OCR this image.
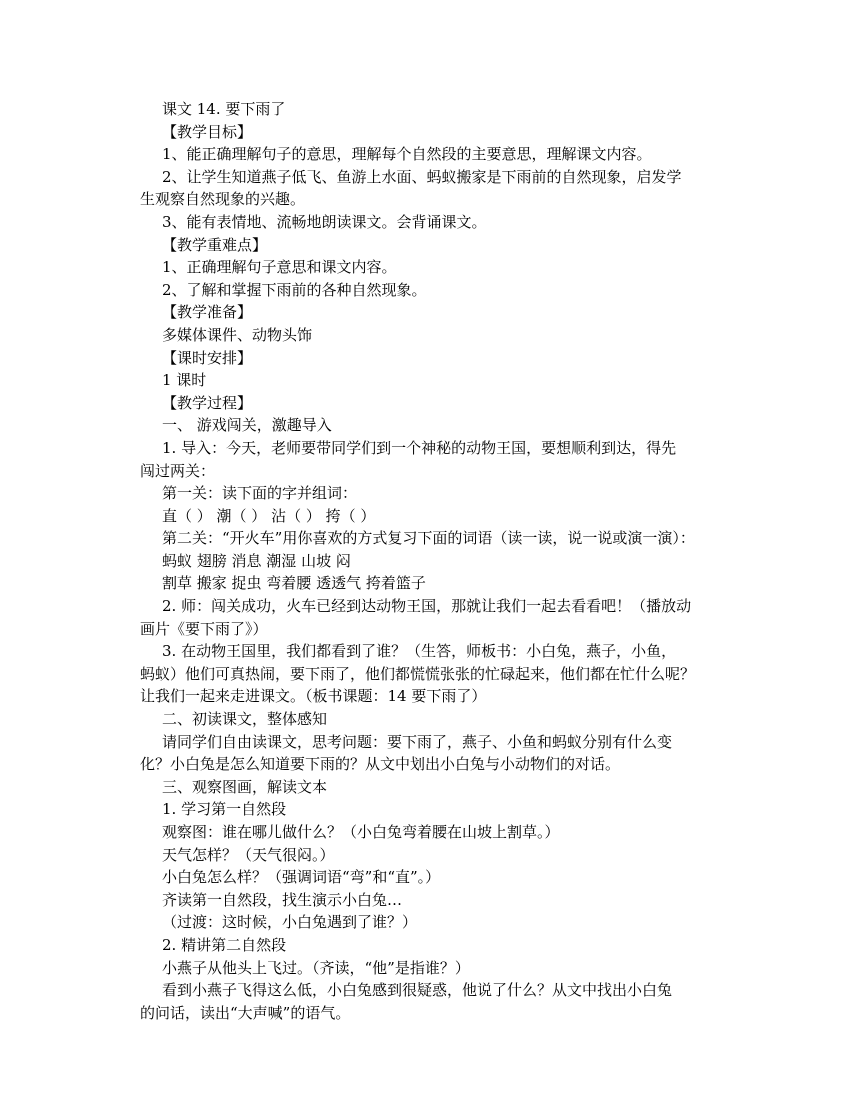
课文 14. 要下雨了
【教学目标】
1、能正确理解句子的意思，理解每个自然段的主要意思，理解课文内容。
2、让学生知道燕子低飞、鱼游上水面、蚂蚁搬家是下雨前的自然现象，启发学
生观察自然现象的兴趣。
3、能有表情地、流畅地朗读课文。会背诵课文。
【教学重难点】
1、正确理解句子意思和课文内容。
2、了解和掌握下雨前的各种自然现象。
【教学准备】
多媒体课件、动物头饰
【课时安排】
1 课时
【教学过程】
一、 游戏闯关，激趣导入
1. 导入：今天，老师要带同学们到一个神秘的动物王国，要想顺利到达，得先
闯过两关：
第一关：读下面的字并组词：
直（ ） 潮（ ） 沾（ ） 挎（ ）
第二关：“开火车”用你喜欢的方式复习下面的词语（读一读，说一说或演一演）：
蚂蚁 翅膀 消息 潮湿 山坡 闷
割草 搬家 捉虫 弯着腰 透透气 挎着篮子
2. 师：闯关成功，火车已经到达动物王国，那就让我们一起去看看吧！（播放动
画片《要下雨了》）
3. 在动物王国里，我们都看到了谁？（生答，师板书：小白兔，燕子，小鱼，
蚂蚁）他们可真热闹，要下雨了，他们都慌慌张张的忙碌起来，他们都在忙什么呢？
让我们一起来走进课文。（板书课题：14 要下雨了）
二、初读课文，整体感知
请同学们自由读课文，思考问题：要下雨了，燕子、小鱼和蚂蚁分别有什么变
化？小白兔是怎么知道要下雨的？从文中划出小白兔与小动物们的对话。
三、观察图画，解读文本
1. 学习第一自然段
观察图：谁在哪儿做什么？（小白兔弯着腰在山坡上割草。）
天气怎样？（天气很闷。）
小白兔怎么样？（强调词语“弯”和“直”。）
齐读第一自然段，找生演示小白兔…
（过渡：这时候，小白兔遇到了谁？）
2. 精讲第二自然段
小燕子从他头上飞过。（齐读，“他”是指谁？）
看到小燕子飞得这么低，小白兔感到很疑惑，他说了什么？从文中找出小白兔
的问话，读出“大声喊”的语气。
